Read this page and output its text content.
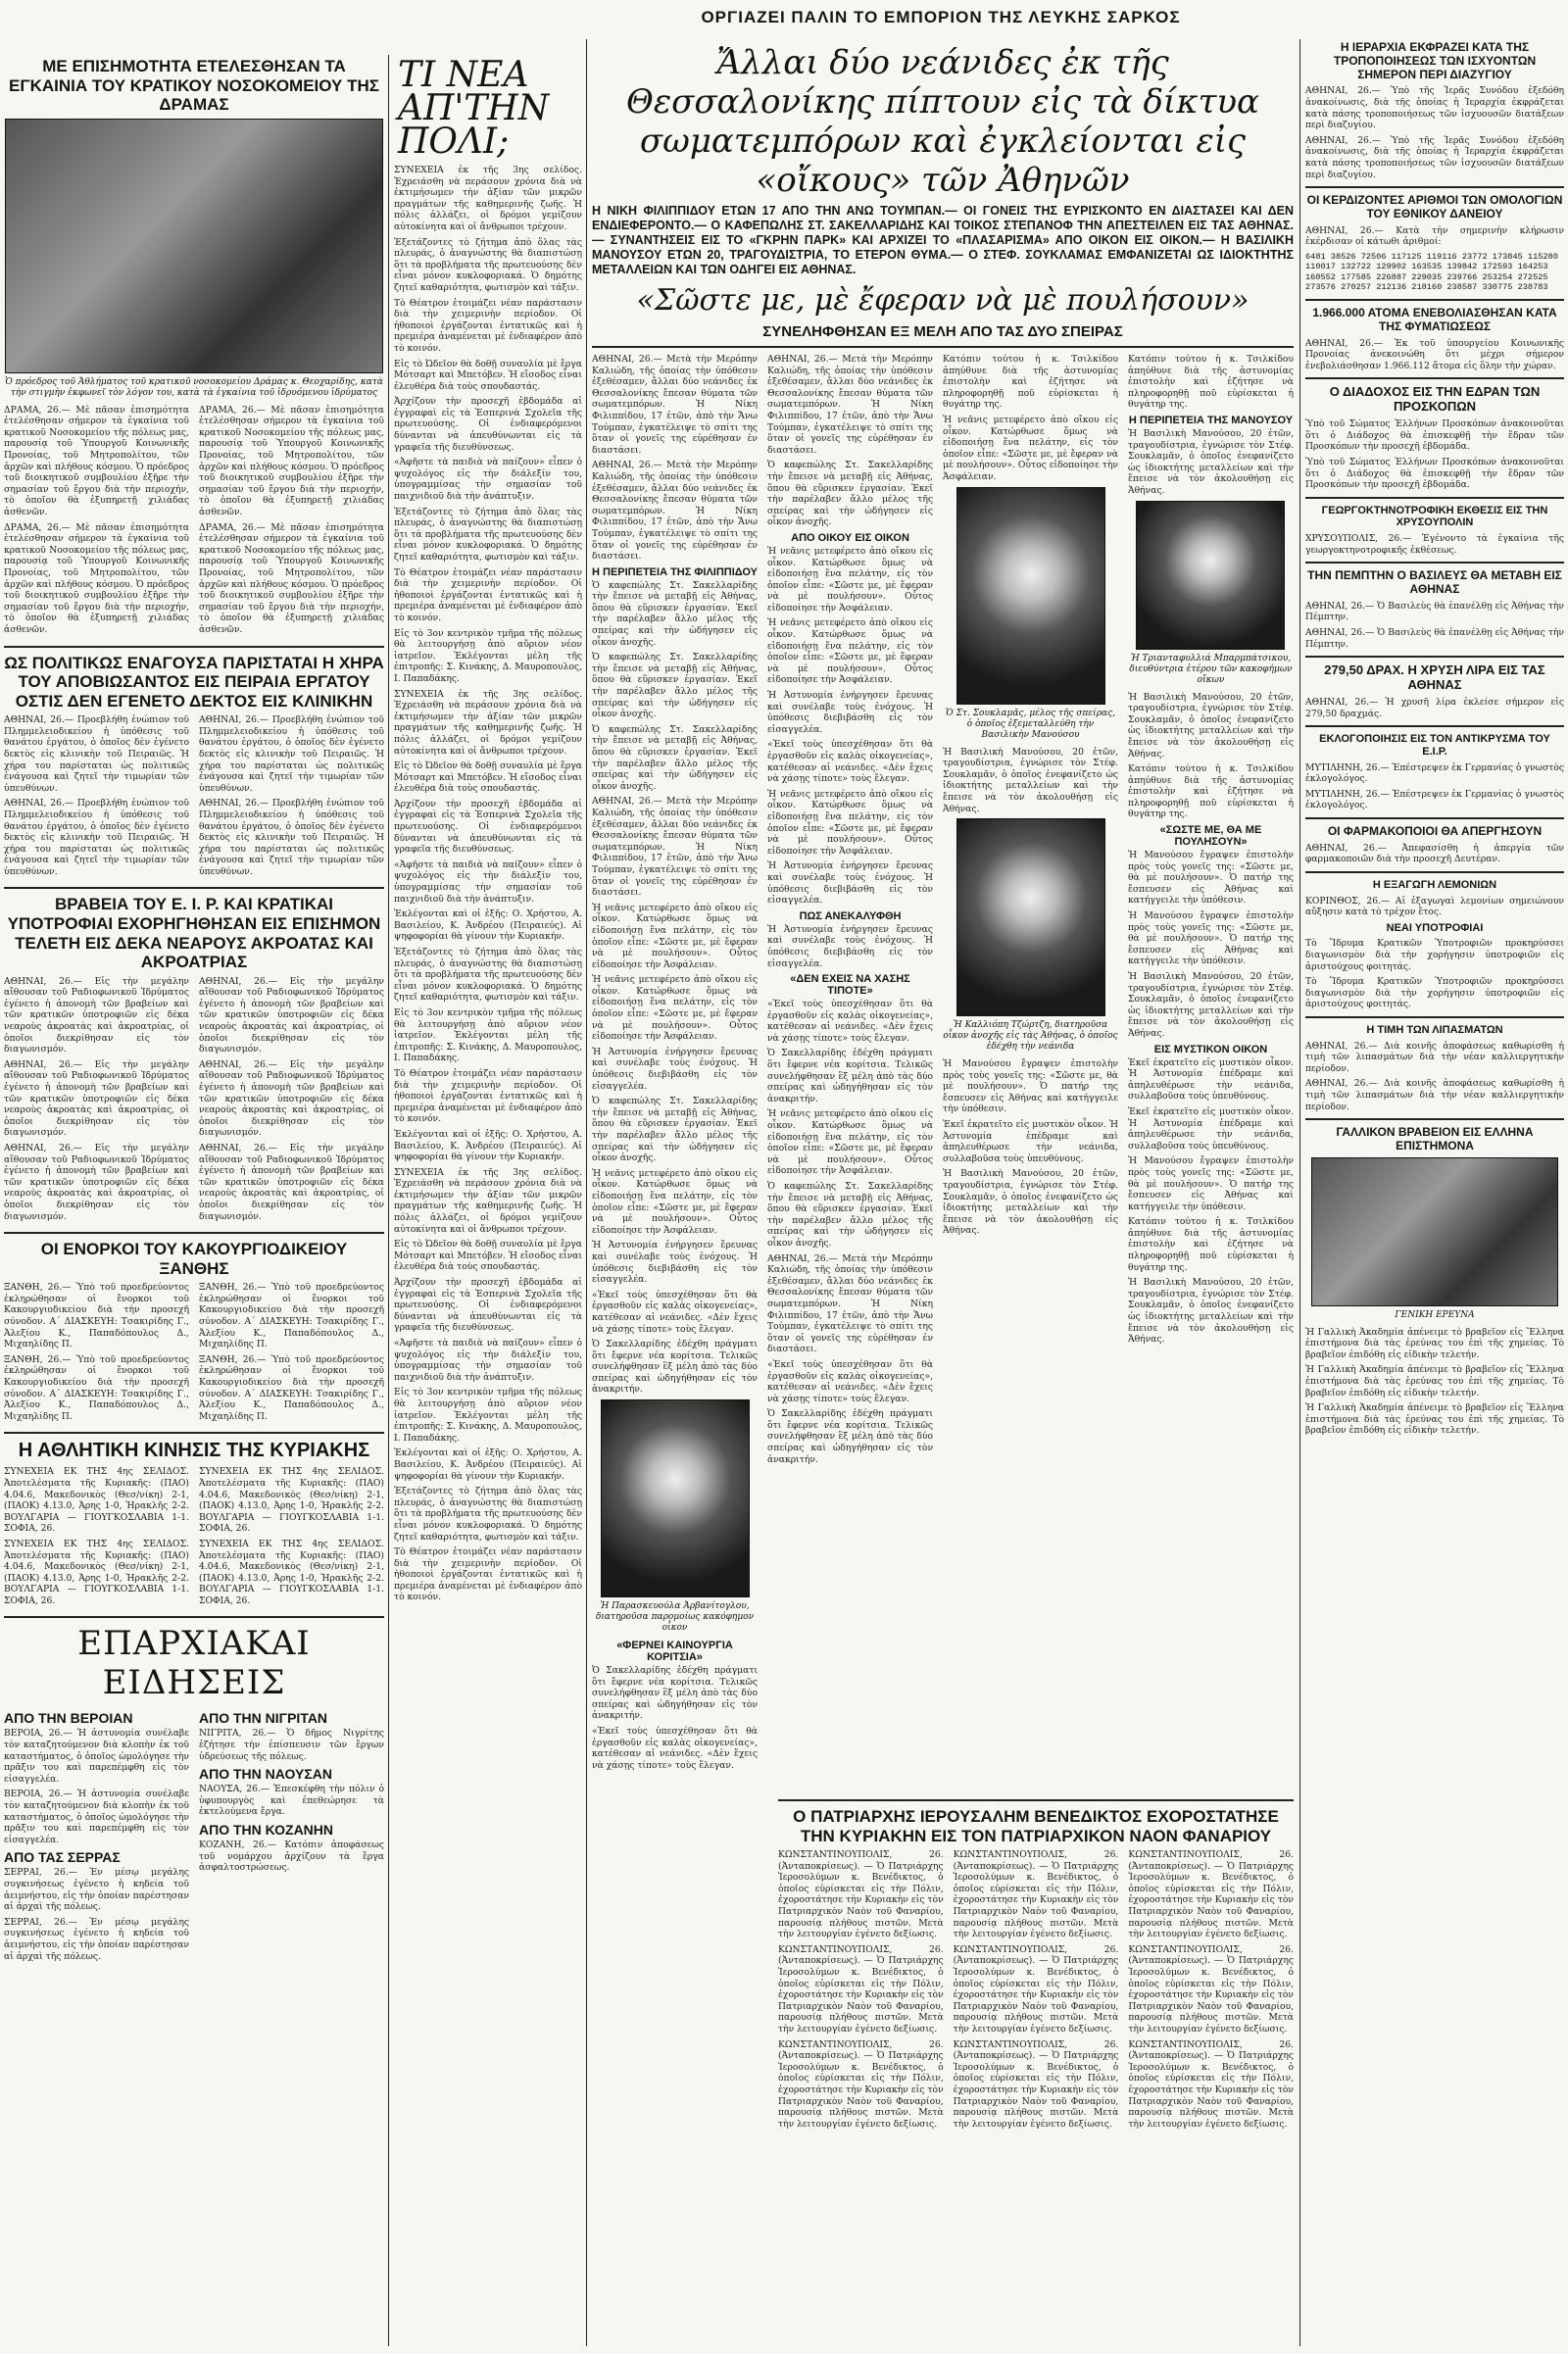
ΟΡΓΙΑΖΕΙ ΠΑΛΙΝ ΤΟ ΕΜΠΟΡΙΟΝ ΤΗΣ ΛΕΥΚΗΣ ΣΑΡΚΟΣ
ΜΕ ΕΠΙΣΗΜΟΤΗΤΑ ΕΤΕΛΕΣΘΗΣΑΝ ΤΑ ΕΓΚΑΙΝΙΑ ΤΟΥ ΚΡΑΤΙΚΟΥ ΝΟΣΟΚΟΜΕΙΟΥ ΤΗΣ ΔΡΑΜΑΣ
Ὁ πρόεδρος τοῦ Ἀθλήματος τοῦ κρατικοῦ νοσοκομείου Δράμας κ. Θεοχαρίδης, κατὰ τὴν στιγμὴν ἐκφωνεῖ τὸν λόγον του, κατὰ τὰ ἐγκαίνια τοῦ ἰδρυόμενου ἱδρύματος

ΔΡΑΜΑ, 26.— Μὲ πᾶσαν ἐπισημότητα ἐτελέσθησαν σήμερον τὰ ἐγκαίνια τοῦ κρατικοῦ Νοσοκομείου τῆς πόλεως μας, παρουσίᾳ τοῦ Ὑπουργοῦ Κοινωνικῆς Προνοίας, τοῦ Μητροπολίτου, τῶν ἀρχῶν καὶ πλήθους κόσμου. Ὁ πρόεδρος τοῦ διοικητικοῦ συμβουλίου ἐξῆρε τὴν σημασίαν τοῦ ἔργου διὰ τὴν περιοχήν, τὸ ὁποῖον θὰ ἐξυπηρετῇ χιλιάδας ἀσθενῶν.

ΔΡΑΜΑ, 26.— Μὲ πᾶσαν ἐπισημότητα ἐτελέσθησαν σήμερον τὰ ἐγκαίνια τοῦ κρατικοῦ Νοσοκομείου τῆς πόλεως μας, παρουσίᾳ τοῦ Ὑπουργοῦ Κοινωνικῆς Προνοίας, τοῦ Μητροπολίτου, τῶν ἀρχῶν καὶ πλήθους κόσμου. Ὁ πρόεδρος τοῦ διοικητικοῦ συμβουλίου ἐξῆρε τὴν σημασίαν τοῦ ἔργου διὰ τὴν περιοχήν, τὸ ὁποῖον θὰ ἐξυπηρετῇ χιλιάδας ἀσθενῶν.

ΔΡΑΜΑ, 26.— Μὲ πᾶσαν ἐπισημότητα ἐτελέσθησαν σήμερον τὰ ἐγκαίνια τοῦ κρατικοῦ Νοσοκομείου τῆς πόλεως μας, παρουσίᾳ τοῦ Ὑπουργοῦ Κοινωνικῆς Προνοίας, τοῦ Μητροπολίτου, τῶν ἀρχῶν καὶ πλήθους κόσμου. Ὁ πρόεδρος τοῦ διοικητικοῦ συμβουλίου ἐξῆρε τὴν σημασίαν τοῦ ἔργου διὰ τὴν περιοχήν, τὸ ὁποῖον θὰ ἐξυπηρετῇ χιλιάδας ἀσθενῶν.

ΔΡΑΜΑ, 26.— Μὲ πᾶσαν ἐπισημότητα ἐτελέσθησαν σήμερον τὰ ἐγκαίνια τοῦ κρατικοῦ Νοσοκομείου τῆς πόλεως μας, παρουσίᾳ τοῦ Ὑπουργοῦ Κοινωνικῆς Προνοίας, τοῦ Μητροπολίτου, τῶν ἀρχῶν καὶ πλήθους κόσμου. Ὁ πρόεδρος τοῦ διοικητικοῦ συμβουλίου ἐξῆρε τὴν σημασίαν τοῦ ἔργου διὰ τὴν περιοχήν, τὸ ὁποῖον θὰ ἐξυπηρετῇ χιλιάδας ἀσθενῶν.

ΩΣ ΠΟΛΙΤΙΚΩΣ ΕΝΑΓΟΥΣΑ ΠΑΡΙΣΤΑΤΑΙ Η ΧΗΡΑ ΤΟΥ ΑΠΟΒΙΩΣΑΝΤΟΣ ΕΙΣ ΠΕΙΡΑΙΑ ΕΡΓΑΤΟΥ ΟΣΤΙΣ ΔΕΝ ΕΓΕΝΕΤΟ ΔΕΚΤΟΣ ΕΙΣ ΚΛΙΝΙΚΗΝ

ΑΘΗΝΑΙ, 26.— Προεβλήθη ἐνώπιον τοῦ Πλημμελειοδικείου ἡ ὑπόθεσις τοῦ θανάτου ἐργάτου, ὁ ὁποῖος δὲν ἐγένετο δεκτὸς εἰς κλινικὴν τοῦ Πειραιῶς. Ἡ χήρα του παρίσταται ὡς πολιτικῶς ἐνάγουσα καὶ ζητεῖ τὴν τιμωρίαν τῶν ὑπευθύνων.

ΑΘΗΝΑΙ, 26.— Προεβλήθη ἐνώπιον τοῦ Πλημμελειοδικείου ἡ ὑπόθεσις τοῦ θανάτου ἐργάτου, ὁ ὁποῖος δὲν ἐγένετο δεκτὸς εἰς κλινικὴν τοῦ Πειραιῶς. Ἡ χήρα του παρίσταται ὡς πολιτικῶς ἐνάγουσα καὶ ζητεῖ τὴν τιμωρίαν τῶν ὑπευθύνων.

ΑΘΗΝΑΙ, 26.— Προεβλήθη ἐνώπιον τοῦ Πλημμελειοδικείου ἡ ὑπόθεσις τοῦ θανάτου ἐργάτου, ὁ ὁποῖος δὲν ἐγένετο δεκτὸς εἰς κλινικὴν τοῦ Πειραιῶς. Ἡ χήρα του παρίσταται ὡς πολιτικῶς ἐνάγουσα καὶ ζητεῖ τὴν τιμωρίαν τῶν ὑπευθύνων.

ΑΘΗΝΑΙ, 26.— Προεβλήθη ἐνώπιον τοῦ Πλημμελειοδικείου ἡ ὑπόθεσις τοῦ θανάτου ἐργάτου, ὁ ὁποῖος δὲν ἐγένετο δεκτὸς εἰς κλινικὴν τοῦ Πειραιῶς. Ἡ χήρα του παρίσταται ὡς πολιτικῶς ἐνάγουσα καὶ ζητεῖ τὴν τιμωρίαν τῶν ὑπευθύνων.

ΒΡΑΒΕΙΑ ΤΟΥ Ε. Ι. Ρ. ΚΑΙ ΚΡΑΤΙΚΑΙ ΥΠΟΤΡΟΦΙΑΙ ΕΧΟΡΗΓΗΘΗΣΑΝ ΕΙΣ ΕΠΙΣΗΜΟΝ ΤΕΛΕΤΗ ΕΙΣ ΔΕΚΑ ΝΕΑΡΟΥΣ ΑΚΡΟΑΤΑΣ ΚΑΙ ΑΚΡΟΑΤΡΙΑΣ

ΑΘΗΝΑΙ, 26.— Εἰς τὴν μεγάλην αἴθουσαν τοῦ Ραδιοφωνικοῦ Ἱδρύματος ἐγένετο ἡ ἀπονομὴ τῶν βραβείων καὶ τῶν κρατικῶν ὑποτροφιῶν εἰς δέκα νεαροὺς ἀκροατὰς καὶ ἀκροατρίας, οἱ ὁποῖοι διεκρίθησαν εἰς τὸν διαγωνισμόν.

ΑΘΗΝΑΙ, 26.— Εἰς τὴν μεγάλην αἴθουσαν τοῦ Ραδιοφωνικοῦ Ἱδρύματος ἐγένετο ἡ ἀπονομὴ τῶν βραβείων καὶ τῶν κρατικῶν ὑποτροφιῶν εἰς δέκα νεαροὺς ἀκροατὰς καὶ ἀκροατρίας, οἱ ὁποῖοι διεκρίθησαν εἰς τὸν διαγωνισμόν.

ΑΘΗΝΑΙ, 26.— Εἰς τὴν μεγάλην αἴθουσαν τοῦ Ραδιοφωνικοῦ Ἱδρύματος ἐγένετο ἡ ἀπονομὴ τῶν βραβείων καὶ τῶν κρατικῶν ὑποτροφιῶν εἰς δέκα νεαροὺς ἀκροατὰς καὶ ἀκροατρίας, οἱ ὁποῖοι διεκρίθησαν εἰς τὸν διαγωνισμόν.

ΑΘΗΝΑΙ, 26.— Εἰς τὴν μεγάλην αἴθουσαν τοῦ Ραδιοφωνικοῦ Ἱδρύματος ἐγένετο ἡ ἀπονομὴ τῶν βραβείων καὶ τῶν κρατικῶν ὑποτροφιῶν εἰς δέκα νεαροὺς ἀκροατὰς καὶ ἀκροατρίας, οἱ ὁποῖοι διεκρίθησαν εἰς τὸν διαγωνισμόν.

ΑΘΗΝΑΙ, 26.— Εἰς τὴν μεγάλην αἴθουσαν τοῦ Ραδιοφωνικοῦ Ἱδρύματος ἐγένετο ἡ ἀπονομὴ τῶν βραβείων καὶ τῶν κρατικῶν ὑποτροφιῶν εἰς δέκα νεαροὺς ἀκροατὰς καὶ ἀκροατρίας, οἱ ὁποῖοι διεκρίθησαν εἰς τὸν διαγωνισμόν.

ΑΘΗΝΑΙ, 26.— Εἰς τὴν μεγάλην αἴθουσαν τοῦ Ραδιοφωνικοῦ Ἱδρύματος ἐγένετο ἡ ἀπονομὴ τῶν βραβείων καὶ τῶν κρατικῶν ὑποτροφιῶν εἰς δέκα νεαροὺς ἀκροατὰς καὶ ἀκροατρίας, οἱ ὁποῖοι διεκρίθησαν εἰς τὸν διαγωνισμόν.

ΟΙ ΕΝΟΡΚΟΙ ΤΟΥ ΚΑΚΟΥΡΓΙΟΔΙΚΕΙΟΥ ΞΑΝΘΗΣ

ΞΑΝΘΗ, 26.— Ὑπὸ τοῦ προεδρεύοντος ἐκληρώθησαν οἱ ἔνορκοι τοῦ Κακουργιοδικείου διὰ τὴν προσεχῆ σύνοδον. Α΄ ΔΙΑΣΚΕΥΗ: Τσακιρίδης Γ., Ἀλεξίου Κ., Παπαδόπουλος Δ., Μιχαηλίδης Π.

ΞΑΝΘΗ, 26.— Ὑπὸ τοῦ προεδρεύοντος ἐκληρώθησαν οἱ ἔνορκοι τοῦ Κακουργιοδικείου διὰ τὴν προσεχῆ σύνοδον. Α΄ ΔΙΑΣΚΕΥΗ: Τσακιρίδης Γ., Ἀλεξίου Κ., Παπαδόπουλος Δ., Μιχαηλίδης Π.

ΞΑΝΘΗ, 26.— Ὑπὸ τοῦ προεδρεύοντος ἐκληρώθησαν οἱ ἔνορκοι τοῦ Κακουργιοδικείου διὰ τὴν προσεχῆ σύνοδον. Α΄ ΔΙΑΣΚΕΥΗ: Τσακιρίδης Γ., Ἀλεξίου Κ., Παπαδόπουλος Δ., Μιχαηλίδης Π.

ΞΑΝΘΗ, 26.— Ὑπὸ τοῦ προεδρεύοντος ἐκληρώθησαν οἱ ἔνορκοι τοῦ Κακουργιοδικείου διὰ τὴν προσεχῆ σύνοδον. Α΄ ΔΙΑΣΚΕΥΗ: Τσακιρίδης Γ., Ἀλεξίου Κ., Παπαδόπουλος Δ., Μιχαηλίδης Π.

Η ΑΘΛΗΤΙΚΗ ΚΙΝΗΣΙΣ ΤΗΣ ΚΥΡΙΑΚΗΣ

ΣΥΝΕΧΕΙΑ ΕΚ ΤΗΣ 4ης ΣΕΛΙΔΟΣ. Ἀποτελέσματα τῆς Κυριακῆς: (ΠΑΟ) 4.04.6, Μακεδονικὸς (Θεσ/νίκη) 2-1, (ΠΑΟΚ) 4.13.0, Ἀρης 1-0, Ἡρακλῆς 2-2. ΒΟΥΛΓΑΡΙΑ — ΓΙΟΥΓΚΟΣΛΑΒΙΑ 1-1. ΣΟΦΙΑ, 26.

ΣΥΝΕΧΕΙΑ ΕΚ ΤΗΣ 4ης ΣΕΛΙΔΟΣ. Ἀποτελέσματα τῆς Κυριακῆς: (ΠΑΟ) 4.04.6, Μακεδονικὸς (Θεσ/νίκη) 2-1, (ΠΑΟΚ) 4.13.0, Ἀρης 1-0, Ἡρακλῆς 2-2. ΒΟΥΛΓΑΡΙΑ — ΓΙΟΥΓΚΟΣΛΑΒΙΑ 1-1. ΣΟΦΙΑ, 26.

ΣΥΝΕΧΕΙΑ ΕΚ ΤΗΣ 4ης ΣΕΛΙΔΟΣ. Ἀποτελέσματα τῆς Κυριακῆς: (ΠΑΟ) 4.04.6, Μακεδονικὸς (Θεσ/νίκη) 2-1, (ΠΑΟΚ) 4.13.0, Ἀρης 1-0, Ἡρακλῆς 2-2. ΒΟΥΛΓΑΡΙΑ — ΓΙΟΥΓΚΟΣΛΑΒΙΑ 1-1. ΣΟΦΙΑ, 26.

ΣΥΝΕΧΕΙΑ ΕΚ ΤΗΣ 4ης ΣΕΛΙΔΟΣ. Ἀποτελέσματα τῆς Κυριακῆς: (ΠΑΟ) 4.04.6, Μακεδονικὸς (Θεσ/νίκη) 2-1, (ΠΑΟΚ) 4.13.0, Ἀρης 1-0, Ἡρακλῆς 2-2. ΒΟΥΛΓΑΡΙΑ — ΓΙΟΥΓΚΟΣΛΑΒΙΑ 1-1. ΣΟΦΙΑ, 26.

ΕΠΑΡΧΙΑΚΑΙ ΕΙΔΗΣΕΙΣ
ΑΠΟ ΤΗΝ ΒΕΡΟΙΑΝ

ΒΕΡΟΙΑ, 26.— Ἡ ἀστυνομία συνέλαβε τὸν καταζητούμενον διὰ κλοπὴν ἐκ τοῦ καταστήματος, ὁ ὁποῖος ὡμολόγησε τὴν πρᾶξιν του καὶ παρεπέμφθη εἰς τὸν εἰσαγγελέα.

ΒΕΡΟΙΑ, 26.— Ἡ ἀστυνομία συνέλαβε τὸν καταζητούμενον διὰ κλοπὴν ἐκ τοῦ καταστήματος, ὁ ὁποῖος ὡμολόγησε τὴν πρᾶξιν του καὶ παρεπέμφθη εἰς τὸν εἰσαγγελέα.

ΑΠΟ ΤΑΣ ΣΕΡΡΑΣ

ΣΕΡΡΑΙ, 26.— Ἐν μέσῳ μεγάλης συγκινήσεως ἐγένετο ἡ κηδεία τοῦ ἀειμνήστου, εἰς τὴν ὁποίαν παρέστησαν αἱ ἀρχαὶ τῆς πόλεως.

ΣΕΡΡΑΙ, 26.— Ἐν μέσῳ μεγάλης συγκινήσεως ἐγένετο ἡ κηδεία τοῦ ἀειμνήστου, εἰς τὴν ὁποίαν παρέστησαν αἱ ἀρχαὶ τῆς πόλεως.

ΑΠΟ ΤΗΝ ΝΙΓΡΙΤΑΝ

ΝΙΓΡΙΤΑ, 26.— Ὁ δῆμος Νιγρίτης ἐζήτησε τὴν ἐπίσπευσιν τῶν ἔργων ὑδρεύσεως τῆς πόλεως.

ΑΠΟ ΤΗΝ ΝΑΟΥΣΑΝ

ΝΑΟΥΣΑ, 26.— Ἐπεσκέφθη τὴν πόλιν ὁ ὑφυπουργὸς καὶ ἐπεθεώρησε τὰ ἐκτελούμενα ἔργα.

ΑΠΟ ΤΗΝ ΚΟΖΑΝΗΝ

ΚΟΖΑΝΗ, 26.— Κατόπιν ἀποφάσεως τοῦ νομάρχου ἀρχίζουν τὰ ἔργα ἀσφαλτοστρώσεως.

ΤΙ ΝΕΑ ΑΠ'ΤΗΝ ΠΟΛΙ;

ΣΥΝΕΧΕΙΑ ἐκ τῆς 3ης σελίδος. Ἐχρειάσθη νὰ περάσουν χρόνια διὰ νὰ ἐκτιμήσωμεν τὴν ἀξίαν τῶν μικρῶν πραγμάτων τῆς καθημερινῆς ζωῆς. Ἡ πόλις ἀλλάζει, οἱ δρόμοι γεμίζουν αὐτοκίνητα καὶ οἱ ἄνθρωποι τρέχουν.

Ἐξετάζοντες τὸ ζήτημα ἀπὸ ὅλας τὰς πλευράς, ὁ ἀναγνώστης θὰ διαπιστώσῃ ὅτι τὰ προβλήματα τῆς πρωτευούσης δὲν εἶναι μόνον κυκλοφοριακά. Ὁ δημότης ζητεῖ καθαριότητα, φωτισμὸν καὶ τάξιν.

Τὸ Θέατρον ἑτοιμάζει νέαν παράστασιν διὰ τὴν χειμερινὴν περίοδον. Οἱ ἠθοποιοὶ ἐργάζονται ἐντατικῶς καὶ ἡ πρεμιέρα ἀναμένεται μὲ ἐνδιαφέρον ἀπὸ τὸ κοινόν.

Εἰς τὸ Ὠδεῖον θὰ δοθῇ συναυλία μὲ ἔργα Μότσαρτ καὶ Μπετόβεν. Ἡ εἴσοδος εἶναι ἐλευθέρα διὰ τοὺς σπουδαστάς.

Ἀρχίζουν τὴν προσεχῆ ἑβδομάδα αἱ ἐγγραφαὶ εἰς τὰ Ἑσπερινὰ Σχολεῖα τῆς πρωτευούσης. Οἱ ἐνδιαφερόμενοι δύνανται νὰ ἀπευθύνωνται εἰς τὰ γραφεῖα τῆς διευθύνσεως.

«Ἀφῆστε τὰ παιδιὰ νὰ παίζουν» εἶπεν ὁ ψυχολόγος εἰς τὴν διάλεξίν του, ὑπογραμμίσας τὴν σημασίαν τοῦ παιχνιδιοῦ διὰ τὴν ἀνάπτυξιν.

Ἐξετάζοντες τὸ ζήτημα ἀπὸ ὅλας τὰς πλευράς, ὁ ἀναγνώστης θὰ διαπιστώσῃ ὅτι τὰ προβλήματα τῆς πρωτευούσης δὲν εἶναι μόνον κυκλοφοριακά. Ὁ δημότης ζητεῖ καθαριότητα, φωτισμὸν καὶ τάξιν.

Τὸ Θέατρον ἑτοιμάζει νέαν παράστασιν διὰ τὴν χειμερινὴν περίοδον. Οἱ ἠθοποιοὶ ἐργάζονται ἐντατικῶς καὶ ἡ πρεμιέρα ἀναμένεται μὲ ἐνδιαφέρον ἀπὸ τὸ κοινόν.

Εἰς τὸ 3ον κεντρικὸν τμῆμα τῆς πόλεως θὰ λειτουργήσῃ ἀπὸ αὔριον νέον ἰατρεῖον. Ἐκλέγονται μέλη τῆς ἐπιτροπῆς: Σ. Κινάκης, Δ. Μαυροπουλος, Ι. Παπαδάκης.

ΣΥΝΕΧΕΙΑ ἐκ τῆς 3ης σελίδος. Ἐχρειάσθη νὰ περάσουν χρόνια διὰ νὰ ἐκτιμήσωμεν τὴν ἀξίαν τῶν μικρῶν πραγμάτων τῆς καθημερινῆς ζωῆς. Ἡ πόλις ἀλλάζει, οἱ δρόμοι γεμίζουν αὐτοκίνητα καὶ οἱ ἄνθρωποι τρέχουν.

Εἰς τὸ Ὠδεῖον θὰ δοθῇ συναυλία μὲ ἔργα Μότσαρτ καὶ Μπετόβεν. Ἡ εἴσοδος εἶναι ἐλευθέρα διὰ τοὺς σπουδαστάς.

Ἀρχίζουν τὴν προσεχῆ ἑβδομάδα αἱ ἐγγραφαὶ εἰς τὰ Ἑσπερινὰ Σχολεῖα τῆς πρωτευούσης. Οἱ ἐνδιαφερόμενοι δύνανται νὰ ἀπευθύνωνται εἰς τὰ γραφεῖα τῆς διευθύνσεως.

«Ἀφῆστε τὰ παιδιὰ νὰ παίζουν» εἶπεν ὁ ψυχολόγος εἰς τὴν διάλεξίν του, ὑπογραμμίσας τὴν σημασίαν τοῦ παιχνιδιοῦ διὰ τὴν ἀνάπτυξιν.

Ἐκλέγονται καὶ οἱ ἑξῆς: Ο. Χρήστου, Α. Βασιλείου, Κ. Ἀνδρέου (Πειραιεύς). Αἱ ψηφοφορίαι θὰ γίνουν τὴν Κυριακήν.

Ἐξετάζοντες τὸ ζήτημα ἀπὸ ὅλας τὰς πλευράς, ὁ ἀναγνώστης θὰ διαπιστώσῃ ὅτι τὰ προβλήματα τῆς πρωτευούσης δὲν εἶναι μόνον κυκλοφοριακά. Ὁ δημότης ζητεῖ καθαριότητα, φωτισμὸν καὶ τάξιν.

Εἰς τὸ 3ον κεντρικὸν τμῆμα τῆς πόλεως θὰ λειτουργήσῃ ἀπὸ αὔριον νέον ἰατρεῖον. Ἐκλέγονται μέλη τῆς ἐπιτροπῆς: Σ. Κινάκης, Δ. Μαυροπουλος, Ι. Παπαδάκης.

Τὸ Θέατρον ἑτοιμάζει νέαν παράστασιν διὰ τὴν χειμερινὴν περίοδον. Οἱ ἠθοποιοὶ ἐργάζονται ἐντατικῶς καὶ ἡ πρεμιέρα ἀναμένεται μὲ ἐνδιαφέρον ἀπὸ τὸ κοινόν.

Ἐκλέγονται καὶ οἱ ἑξῆς: Ο. Χρήστου, Α. Βασιλείου, Κ. Ἀνδρέου (Πειραιεύς). Αἱ ψηφοφορίαι θὰ γίνουν τὴν Κυριακήν.

ΣΥΝΕΧΕΙΑ ἐκ τῆς 3ης σελίδος. Ἐχρειάσθη νὰ περάσουν χρόνια διὰ νὰ ἐκτιμήσωμεν τὴν ἀξίαν τῶν μικρῶν πραγμάτων τῆς καθημερινῆς ζωῆς. Ἡ πόλις ἀλλάζει, οἱ δρόμοι γεμίζουν αὐτοκίνητα καὶ οἱ ἄνθρωποι τρέχουν.

Εἰς τὸ Ὠδεῖον θὰ δοθῇ συναυλία μὲ ἔργα Μότσαρτ καὶ Μπετόβεν. Ἡ εἴσοδος εἶναι ἐλευθέρα διὰ τοὺς σπουδαστάς.

Ἀρχίζουν τὴν προσεχῆ ἑβδομάδα αἱ ἐγγραφαὶ εἰς τὰ Ἑσπερινὰ Σχολεῖα τῆς πρωτευούσης. Οἱ ἐνδιαφερόμενοι δύνανται νὰ ἀπευθύνωνται εἰς τὰ γραφεῖα τῆς διευθύνσεως.

«Ἀφῆστε τὰ παιδιὰ νὰ παίζουν» εἶπεν ὁ ψυχολόγος εἰς τὴν διάλεξίν του, ὑπογραμμίσας τὴν σημασίαν τοῦ παιχνιδιοῦ διὰ τὴν ἀνάπτυξιν.

Εἰς τὸ 3ον κεντρικὸν τμῆμα τῆς πόλεως θὰ λειτουργήσῃ ἀπὸ αὔριον νέον ἰατρεῖον. Ἐκλέγονται μέλη τῆς ἐπιτροπῆς: Σ. Κινάκης, Δ. Μαυροπουλος, Ι. Παπαδάκης.

Ἐκλέγονται καὶ οἱ ἑξῆς: Ο. Χρήστου, Α. Βασιλείου, Κ. Ἀνδρέου (Πειραιεύς). Αἱ ψηφοφορίαι θὰ γίνουν τὴν Κυριακήν.

Ἐξετάζοντες τὸ ζήτημα ἀπὸ ὅλας τὰς πλευράς, ὁ ἀναγνώστης θὰ διαπιστώσῃ ὅτι τὰ προβλήματα τῆς πρωτευούσης δὲν εἶναι μόνον κυκλοφοριακά. Ὁ δημότης ζητεῖ καθαριότητα, φωτισμὸν καὶ τάξιν.

Τὸ Θέατρον ἑτοιμάζει νέαν παράστασιν διὰ τὴν χειμερινὴν περίοδον. Οἱ ἠθοποιοὶ ἐργάζονται ἐντατικῶς καὶ ἡ πρεμιέρα ἀναμένεται μὲ ἐνδιαφέρον ἀπὸ τὸ κοινόν.

Ἄλλαι δύο νεάνιδες ἐκ τῆς Θεσσαλονίκης πίπτουν εἰς τὰ δίκτυα σωματεμπόρων καὶ ἐγκλείονται εἰς «οἴκους» τῶν Ἀθηνῶν
Η ΝΙΚΗ ΦΙΛΙΠΠΙΔΟΥ ΕΤΩΝ 17 ΑΠΟ ΤΗΝ ΑΝΩ ΤΟΥΜΠΑΝ.— ΟΙ ΓΟΝΕΙΣ ΤΗΣ ΕΥΡΙΣΚΟΝΤΟ ΕΝ ΔΙΑΣΤΑΣΕΙ ΚΑΙ ΔΕΝ ΕΝΔΙΕΦΕΡΟΝΤΟ.— Ο ΚΑΦΕΠΩΛΗΣ ΣΤ. ΣΑΚΕΛΛΑΡΙΔΗΣ ΚΑΙ ΤΟΙΚΟΣ ΣΤΕΠΑΝΟΦ ΤΗΝ ΑΠΕΣΤΕΙΛΕΝ ΕΙΣ ΤΑΣ ΑΘΗΝΑΣ.— ΣΥΝΑΝΤΗΣΕΙΣ ΕΙΣ ΤΟ «ΓΚΡΗΝ ΠΑΡΚ» ΚΑΙ ΑΡΧΙΖΕΙ ΤΟ «ΠΛΑΣΑΡΙΣΜΑ» ΑΠΟ ΟΙΚΟΝ ΕΙΣ ΟΙΚΟΝ.— Η ΒΑΣΙΛΙΚΗ ΜΑΝΟΥΣΟΥ ΕΤΩΝ 20, ΤΡΑΓΟΥΔΙΣΤΡΙΑ, ΤΟ ΕΤΕΡΟΝ ΘΥΜΑ.— Ο ΣΤΕΦ. ΣΟΥΚΛΑΜΑΣ ΕΜΦΑΝΙΖΕΤΑΙ ΩΣ ΙΔΙΟΚΤΗΤΗΣ ΜΕΤΑΛΛΕΙΩΝ ΚΑΙ ΤΩΝ ΟΔΗΓΕΙ ΕΙΣ ΑΘΗΝΑΣ.
«Σῶστε με, μὲ ἔφεραν νὰ μὲ πουλήσουν»
ΣΥΝΕΛΗΦΘΗΣΑΝ ΕΞ ΜΕΛΗ ΑΠΟ ΤΑΣ ΔΥΟ ΣΠΕΙΡΑΣ

ΑΘΗΝΑΙ, 26.— Μετὰ τὴν Μερόπην Καλιώδη, τῆς ὁποίας τὴν ὑπόθεσιν ἐξεθέσαμεν, ἄλλαι δύο νεάνιδες ἐκ Θεσσαλονίκης ἔπεσαν θύματα τῶν σωματεμπόρων. Ἡ Νίκη Φιλιππίδου, 17 ἐτῶν, ἀπὸ τὴν Ἄνω Τούμπαν, ἐγκατέλειψε τὸ σπίτι της ὅταν οἱ γονεῖς της εὑρέθησαν ἐν διαστάσει.

ΑΘΗΝΑΙ, 26.— Μετὰ τὴν Μερόπην Καλιώδη, τῆς ὁποίας τὴν ὑπόθεσιν ἐξεθέσαμεν, ἄλλαι δύο νεάνιδες ἐκ Θεσσαλονίκης ἔπεσαν θύματα τῶν σωματεμπόρων. Ἡ Νίκη Φιλιππίδου, 17 ἐτῶν, ἀπὸ τὴν Ἄνω Τούμπαν, ἐγκατέλειψε τὸ σπίτι της ὅταν οἱ γονεῖς της εὑρέθησαν ἐν διαστάσει.

Η ΠΕΡΙΠΕΤΕΙΑ ΤΗΣ ΦΙΛΙΠΠΙΔΟΥ

Ὁ καφεπώλης Στ. Σακελλαρίδης τὴν ἔπεισε νὰ μεταβῇ εἰς Ἀθήνας, ὅπου θὰ εὕρισκεν ἐργασίαν. Ἐκεῖ τὴν παρέλαβεν ἄλλο μέλος τῆς σπείρας καὶ τὴν ὡδήγησεν εἰς οἶκον ἀνοχῆς.

Ὁ καφεπώλης Στ. Σακελλαρίδης τὴν ἔπεισε νὰ μεταβῇ εἰς Ἀθήνας, ὅπου θὰ εὕρισκεν ἐργασίαν. Ἐκεῖ τὴν παρέλαβεν ἄλλο μέλος τῆς σπείρας καὶ τὴν ὡδήγησεν εἰς οἶκον ἀνοχῆς.

Ὁ καφεπώλης Στ. Σακελλαρίδης τὴν ἔπεισε νὰ μεταβῇ εἰς Ἀθήνας, ὅπου θὰ εὕρισκεν ἐργασίαν. Ἐκεῖ τὴν παρέλαβεν ἄλλο μέλος τῆς σπείρας καὶ τὴν ὡδήγησεν εἰς οἶκον ἀνοχῆς.

ΑΘΗΝΑΙ, 26.— Μετὰ τὴν Μερόπην Καλιώδη, τῆς ὁποίας τὴν ὑπόθεσιν ἐξεθέσαμεν, ἄλλαι δύο νεάνιδες ἐκ Θεσσαλονίκης ἔπεσαν θύματα τῶν σωματεμπόρων. Ἡ Νίκη Φιλιππίδου, 17 ἐτῶν, ἀπὸ τὴν Ἄνω Τούμπαν, ἐγκατέλειψε τὸ σπίτι της ὅταν οἱ γονεῖς της εὑρέθησαν ἐν διαστάσει.

Ἡ νεᾶνις μετεφέρετο ἀπὸ οἴκου εἰς οἶκον. Κατώρθωσε ὅμως νὰ εἰδοποιήσῃ ἕνα πελάτην, εἰς τὸν ὁποῖον εἶπε: «Σῶστε με, μὲ ἔφεραν νὰ μὲ πουλήσουν». Οὗτος εἰδοποίησε τὴν Ἀσφάλειαν.

Ἡ νεᾶνις μετεφέρετο ἀπὸ οἴκου εἰς οἶκον. Κατώρθωσε ὅμως νὰ εἰδοποιήσῃ ἕνα πελάτην, εἰς τὸν ὁποῖον εἶπε: «Σῶστε με, μὲ ἔφεραν νὰ μὲ πουλήσουν». Οὗτος εἰδοποίησε τὴν Ἀσφάλειαν.

Ἡ Ἀστυνομία ἐνήργησεν ἔρευνας καὶ συνέλαβε τοὺς ἐνόχους. Ἡ ὑπόθεσις διεβιβάσθη εἰς τὸν εἰσαγγελέα.

Ὁ καφεπώλης Στ. Σακελλαρίδης τὴν ἔπεισε νὰ μεταβῇ εἰς Ἀθήνας, ὅπου θὰ εὕρισκεν ἐργασίαν. Ἐκεῖ τὴν παρέλαβεν ἄλλο μέλος τῆς σπείρας καὶ τὴν ὡδήγησεν εἰς οἶκον ἀνοχῆς.

Ἡ νεᾶνις μετεφέρετο ἀπὸ οἴκου εἰς οἶκον. Κατώρθωσε ὅμως νὰ εἰδοποιήσῃ ἕνα πελάτην, εἰς τὸν ὁποῖον εἶπε: «Σῶστε με, μὲ ἔφεραν νὰ μὲ πουλήσουν». Οὗτος εἰδοποίησε τὴν Ἀσφάλειαν.

Ἡ Ἀστυνομία ἐνήργησεν ἔρευνας καὶ συνέλαβε τοὺς ἐνόχους. Ἡ ὑπόθεσις διεβιβάσθη εἰς τὸν εἰσαγγελέα.

«Ἐκεῖ τοὺς ὑπεσχέθησαν ὅτι θὰ ἐργασθοῦν εἰς καλὰς οἰκογενείας», κατέθεσαν αἱ νεάνιδες. «Δὲν ἔχεις νὰ χάσῃς τίποτε» τοὺς ἔλεγαν.

Ὁ Σακελλαρίδης ἐδέχθη πράγματι ὅτι ἔφερνε νέα κορίτσια. Τελικῶς συνελήφθησαν ἓξ μέλη ἀπὸ τὰς δύο σπείρας καὶ ὡδηγήθησαν εἰς τὸν ἀνακριτήν.

Ἡ Παρασκευούλα Ἀρβανίτογλου, διατηροῦσα παρομοίως κακόφημον οἶκον
«ΦΕΡΝΕΙ ΚΑΙΝΟΥΡΓΙΑ ΚΟΡΙΤΣΙΑ»

Ὁ Σακελλαρίδης ἐδέχθη πράγματι ὅτι ἔφερνε νέα κορίτσια. Τελικῶς συνελήφθησαν ἓξ μέλη ἀπὸ τὰς δύο σπείρας καὶ ὡδηγήθησαν εἰς τὸν ἀνακριτήν.

«Ἐκεῖ τοὺς ὑπεσχέθησαν ὅτι θὰ ἐργασθοῦν εἰς καλὰς οἰκογενείας», κατέθεσαν αἱ νεάνιδες. «Δὲν ἔχεις νὰ χάσῃς τίποτε» τοὺς ἔλεγαν.

ΑΘΗΝΑΙ, 26.— Μετὰ τὴν Μερόπην Καλιώδη, τῆς ὁποίας τὴν ὑπόθεσιν ἐξεθέσαμεν, ἄλλαι δύο νεάνιδες ἐκ Θεσσαλονίκης ἔπεσαν θύματα τῶν σωματεμπόρων. Ἡ Νίκη Φιλιππίδου, 17 ἐτῶν, ἀπὸ τὴν Ἄνω Τούμπαν, ἐγκατέλειψε τὸ σπίτι της ὅταν οἱ γονεῖς της εὑρέθησαν ἐν διαστάσει.

Ὁ καφεπώλης Στ. Σακελλαρίδης τὴν ἔπεισε νὰ μεταβῇ εἰς Ἀθήνας, ὅπου θὰ εὕρισκεν ἐργασίαν. Ἐκεῖ τὴν παρέλαβεν ἄλλο μέλος τῆς σπείρας καὶ τὴν ὡδήγησεν εἰς οἶκον ἀνοχῆς.

ΑΠΟ ΟΙΚΟΥ ΕΙΣ ΟΙΚΟΝ

Ἡ νεᾶνις μετεφέρετο ἀπὸ οἴκου εἰς οἶκον. Κατώρθωσε ὅμως νὰ εἰδοποιήσῃ ἕνα πελάτην, εἰς τὸν ὁποῖον εἶπε: «Σῶστε με, μὲ ἔφεραν νὰ μὲ πουλήσουν». Οὗτος εἰδοποίησε τὴν Ἀσφάλειαν.

Ἡ νεᾶνις μετεφέρετο ἀπὸ οἴκου εἰς οἶκον. Κατώρθωσε ὅμως νὰ εἰδοποιήσῃ ἕνα πελάτην, εἰς τὸν ὁποῖον εἶπε: «Σῶστε με, μὲ ἔφεραν νὰ μὲ πουλήσουν». Οὗτος εἰδοποίησε τὴν Ἀσφάλειαν.

Ἡ Ἀστυνομία ἐνήργησεν ἔρευνας καὶ συνέλαβε τοὺς ἐνόχους. Ἡ ὑπόθεσις διεβιβάσθη εἰς τὸν εἰσαγγελέα.

«Ἐκεῖ τοὺς ὑπεσχέθησαν ὅτι θὰ ἐργασθοῦν εἰς καλὰς οἰκογενείας», κατέθεσαν αἱ νεάνιδες. «Δὲν ἔχεις νὰ χάσῃς τίποτε» τοὺς ἔλεγαν.

Ἡ νεᾶνις μετεφέρετο ἀπὸ οἴκου εἰς οἶκον. Κατώρθωσε ὅμως νὰ εἰδοποιήσῃ ἕνα πελάτην, εἰς τὸν ὁποῖον εἶπε: «Σῶστε με, μὲ ἔφεραν νὰ μὲ πουλήσουν». Οὗτος εἰδοποίησε τὴν Ἀσφάλειαν.

Ἡ Ἀστυνομία ἐνήργησεν ἔρευνας καὶ συνέλαβε τοὺς ἐνόχους. Ἡ ὑπόθεσις διεβιβάσθη εἰς τὸν εἰσαγγελέα.

ΠΩΣ ΑΝΕΚΑΛΥΦΘΗ

Ἡ Ἀστυνομία ἐνήργησεν ἔρευνας καὶ συνέλαβε τοὺς ἐνόχους. Ἡ ὑπόθεσις διεβιβάσθη εἰς τὸν εἰσαγγελέα.

«ΔΕΝ ΕΧΕΙΣ ΝΑ ΧΑΣΗΣ ΤΙΠΟΤΕ»

«Ἐκεῖ τοὺς ὑπεσχέθησαν ὅτι θὰ ἐργασθοῦν εἰς καλὰς οἰκογενείας», κατέθεσαν αἱ νεάνιδες. «Δὲν ἔχεις νὰ χάσῃς τίποτε» τοὺς ἔλεγαν.

Ὁ Σακελλαρίδης ἐδέχθη πράγματι ὅτι ἔφερνε νέα κορίτσια. Τελικῶς συνελήφθησαν ἓξ μέλη ἀπὸ τὰς δύο σπείρας καὶ ὡδηγήθησαν εἰς τὸν ἀνακριτήν.

Ἡ νεᾶνις μετεφέρετο ἀπὸ οἴκου εἰς οἶκον. Κατώρθωσε ὅμως νὰ εἰδοποιήσῃ ἕνα πελάτην, εἰς τὸν ὁποῖον εἶπε: «Σῶστε με, μὲ ἔφεραν νὰ μὲ πουλήσουν». Οὗτος εἰδοποίησε τὴν Ἀσφάλειαν.

Ὁ καφεπώλης Στ. Σακελλαρίδης τὴν ἔπεισε νὰ μεταβῇ εἰς Ἀθήνας, ὅπου θὰ εὕρισκεν ἐργασίαν. Ἐκεῖ τὴν παρέλαβεν ἄλλο μέλος τῆς σπείρας καὶ τὴν ὡδήγησεν εἰς οἶκον ἀνοχῆς.

ΑΘΗΝΑΙ, 26.— Μετὰ τὴν Μερόπην Καλιώδη, τῆς ὁποίας τὴν ὑπόθεσιν ἐξεθέσαμεν, ἄλλαι δύο νεάνιδες ἐκ Θεσσαλονίκης ἔπεσαν θύματα τῶν σωματεμπόρων. Ἡ Νίκη Φιλιππίδου, 17 ἐτῶν, ἀπὸ τὴν Ἄνω Τούμπαν, ἐγκατέλειψε τὸ σπίτι της ὅταν οἱ γονεῖς της εὑρέθησαν ἐν διαστάσει.

«Ἐκεῖ τοὺς ὑπεσχέθησαν ὅτι θὰ ἐργασθοῦν εἰς καλὰς οἰκογενείας», κατέθεσαν αἱ νεάνιδες. «Δὲν ἔχεις νὰ χάσῃς τίποτε» τοὺς ἔλεγαν.

Ὁ Σακελλαρίδης ἐδέχθη πράγματι ὅτι ἔφερνε νέα κορίτσια. Τελικῶς συνελήφθησαν ἓξ μέλη ἀπὸ τὰς δύο σπείρας καὶ ὡδηγήθησαν εἰς τὸν ἀνακριτήν.

Κατόπιν τούτου ἡ κ. Τσιλκίδου ἀπηύθυνε διὰ τῆς ἀστυνομίας ἐπιστολὴν καὶ ἐζήτησε νὰ πληροφορηθῇ ποῦ εὑρίσκεται ἡ θυγάτηρ της.

Ἡ νεᾶνις μετεφέρετο ἀπὸ οἴκου εἰς οἶκον. Κατώρθωσε ὅμως νὰ εἰδοποιήσῃ ἕνα πελάτην, εἰς τὸν ὁποῖον εἶπε: «Σῶστε με, μὲ ἔφεραν νὰ μὲ πουλήσουν». Οὗτος εἰδοποίησε τὴν Ἀσφάλειαν.

Ὁ Στ. Σουκλαμᾶς, μέλος τῆς σπείρας, ὁ ὁποῖος ἐξεμεταλλεύθη τὴν Βασιλικὴν Μανούσου

Ἡ Βασιλικὴ Μανούσου, 20 ἐτῶν, τραγουδίστρια, ἐγνώρισε τὸν Στέφ. Σουκλαμᾶν, ὁ ὁποῖος ἐνεφανίζετο ὡς ἰδιοκτήτης μεταλλείων καὶ τὴν ἔπεισε νὰ τὸν ἀκολουθήσῃ εἰς Ἀθήνας.

Ἡ Καλλιόπη Τζώρτζη, διατηροῦσα οἶκον ἀνοχῆς εἰς τὰς Ἀθήνας, ὁ ὁποῖος ἐδέχθη τὴν νεάνιδα

Ἡ Μανούσου ἔγραψεν ἐπιστολὴν πρὸς τοὺς γονεῖς της: «Σῶστε με, θὰ μὲ πουλήσουν». Ὁ πατήρ της ἔσπευσεν εἰς Ἀθήνας καὶ κατήγγειλε τὴν ὑπόθεσιν.

Ἐκεῖ ἐκρατεῖτο εἰς μυστικὸν οἶκον. Ἡ Ἀστυνομία ἐπέδραμε καὶ ἀπηλευθέρωσε τὴν νεάνιδα, συλλαβοῦσα τοὺς ὑπευθύνους.

Ἡ Βασιλικὴ Μανούσου, 20 ἐτῶν, τραγουδίστρια, ἐγνώρισε τὸν Στέφ. Σουκλαμᾶν, ὁ ὁποῖος ἐνεφανίζετο ὡς ἰδιοκτήτης μεταλλείων καὶ τὴν ἔπεισε νὰ τὸν ἀκολουθήσῃ εἰς Ἀθήνας.

Κατόπιν τούτου ἡ κ. Τσιλκίδου ἀπηύθυνε διὰ τῆς ἀστυνομίας ἐπιστολὴν καὶ ἐζήτησε νὰ πληροφορηθῇ ποῦ εὑρίσκεται ἡ θυγάτηρ της.

Η ΠΕΡΙΠΕΤΕΙΑ ΤΗΣ ΜΑΝΟΥΣΟΥ

Ἡ Βασιλικὴ Μανούσου, 20 ἐτῶν, τραγουδίστρια, ἐγνώρισε τὸν Στέφ. Σουκλαμᾶν, ὁ ὁποῖος ἐνεφανίζετο ὡς ἰδιοκτήτης μεταλλείων καὶ τὴν ἔπεισε νὰ τὸν ἀκολουθήσῃ εἰς Ἀθήνας.

Ἡ Τριανταφυλλιά Μπαρμπάτσικου, διευθύντρια ἑτέρου τῶν κακοφήμων οἴκων

Ἡ Βασιλικὴ Μανούσου, 20 ἐτῶν, τραγουδίστρια, ἐγνώρισε τὸν Στέφ. Σουκλαμᾶν, ὁ ὁποῖος ἐνεφανίζετο ὡς ἰδιοκτήτης μεταλλείων καὶ τὴν ἔπεισε νὰ τὸν ἀκολουθήσῃ εἰς Ἀθήνας.

Κατόπιν τούτου ἡ κ. Τσιλκίδου ἀπηύθυνε διὰ τῆς ἀστυνομίας ἐπιστολὴν καὶ ἐζήτησε νὰ πληροφορηθῇ ποῦ εὑρίσκεται ἡ θυγάτηρ της.

«ΣΩΣΤΕ ΜΕ, ΘΑ ΜΕ ΠΟΥΛΗΣΟΥΝ»

Ἡ Μανούσου ἔγραψεν ἐπιστολὴν πρὸς τοὺς γονεῖς της: «Σῶστε με, θὰ μὲ πουλήσουν». Ὁ πατήρ της ἔσπευσεν εἰς Ἀθήνας καὶ κατήγγειλε τὴν ὑπόθεσιν.

Ἡ Μανούσου ἔγραψεν ἐπιστολὴν πρὸς τοὺς γονεῖς της: «Σῶστε με, θὰ μὲ πουλήσουν». Ὁ πατήρ της ἔσπευσεν εἰς Ἀθήνας καὶ κατήγγειλε τὴν ὑπόθεσιν.

Ἡ Βασιλικὴ Μανούσου, 20 ἐτῶν, τραγουδίστρια, ἐγνώρισε τὸν Στέφ. Σουκλαμᾶν, ὁ ὁποῖος ἐνεφανίζετο ὡς ἰδιοκτήτης μεταλλείων καὶ τὴν ἔπεισε νὰ τὸν ἀκολουθήσῃ εἰς Ἀθήνας.

ΕΙΣ ΜΥΣΤΙΚΟΝ ΟΙΚΟΝ

Ἐκεῖ ἐκρατεῖτο εἰς μυστικὸν οἶκον. Ἡ Ἀστυνομία ἐπέδραμε καὶ ἀπηλευθέρωσε τὴν νεάνιδα, συλλαβοῦσα τοὺς ὑπευθύνους.

Ἐκεῖ ἐκρατεῖτο εἰς μυστικὸν οἶκον. Ἡ Ἀστυνομία ἐπέδραμε καὶ ἀπηλευθέρωσε τὴν νεάνιδα, συλλαβοῦσα τοὺς ὑπευθύνους.

Ἡ Μανούσου ἔγραψεν ἐπιστολὴν πρὸς τοὺς γονεῖς της: «Σῶστε με, θὰ μὲ πουλήσουν». Ὁ πατήρ της ἔσπευσεν εἰς Ἀθήνας καὶ κατήγγειλε τὴν ὑπόθεσιν.

Κατόπιν τούτου ἡ κ. Τσιλκίδου ἀπηύθυνε διὰ τῆς ἀστυνομίας ἐπιστολὴν καὶ ἐζήτησε νὰ πληροφορηθῇ ποῦ εὑρίσκεται ἡ θυγάτηρ της.

Ἡ Βασιλικὴ Μανούσου, 20 ἐτῶν, τραγουδίστρια, ἐγνώρισε τὸν Στέφ. Σουκλαμᾶν, ὁ ὁποῖος ἐνεφανίζετο ὡς ἰδιοκτήτης μεταλλείων καὶ τὴν ἔπεισε νὰ τὸν ἀκολουθήσῃ εἰς Ἀθήνας.

Ο ΠΑΤΡΙΑΡΧΗΣ ΙΕΡΟΥΣΑΛΗΜ ΒΕΝΕΔΙΚΤΟΣ ΕΧΟΡΟΣΤΑΤΗΣΕ ΤΗΝ ΚΥΡΙΑΚΗΝ ΕΙΣ ΤΟΝ ΠΑΤΡΙΑΡΧΙΚΟΝ ΝΑΟΝ ΦΑΝΑΡΙΟΥ

ΚΩΝΣΤΑΝΤΙΝΟΥΠΟΛΙΣ, 26. (Ἀνταποκρίσεως). — Ὁ Πατριάρχης Ἱεροσολύμων κ. Βενέδικτος, ὁ ὁποῖος εὑρίσκεται εἰς τὴν Πόλιν, ἐχοροστάτησε τὴν Κυριακὴν εἰς τὸν Πατριαρχικὸν Ναὸν τοῦ Φαναρίου, παρουσίᾳ πλήθους πιστῶν. Μετὰ τὴν λειτουργίαν ἐγένετο δεξίωσις.

ΚΩΝΣΤΑΝΤΙΝΟΥΠΟΛΙΣ, 26. (Ἀνταποκρίσεως). — Ὁ Πατριάρχης Ἱεροσολύμων κ. Βενέδικτος, ὁ ὁποῖος εὑρίσκεται εἰς τὴν Πόλιν, ἐχοροστάτησε τὴν Κυριακὴν εἰς τὸν Πατριαρχικὸν Ναὸν τοῦ Φαναρίου, παρουσίᾳ πλήθους πιστῶν. Μετὰ τὴν λειτουργίαν ἐγένετο δεξίωσις.

ΚΩΝΣΤΑΝΤΙΝΟΥΠΟΛΙΣ, 26. (Ἀνταποκρίσεως). — Ὁ Πατριάρχης Ἱεροσολύμων κ. Βενέδικτος, ὁ ὁποῖος εὑρίσκεται εἰς τὴν Πόλιν, ἐχοροστάτησε τὴν Κυριακὴν εἰς τὸν Πατριαρχικὸν Ναὸν τοῦ Φαναρίου, παρουσίᾳ πλήθους πιστῶν. Μετὰ τὴν λειτουργίαν ἐγένετο δεξίωσις.

ΚΩΝΣΤΑΝΤΙΝΟΥΠΟΛΙΣ, 26. (Ἀνταποκρίσεως). — Ὁ Πατριάρχης Ἱεροσολύμων κ. Βενέδικτος, ὁ ὁποῖος εὑρίσκεται εἰς τὴν Πόλιν, ἐχοροστάτησε τὴν Κυριακὴν εἰς τὸν Πατριαρχικὸν Ναὸν τοῦ Φαναρίου, παρουσίᾳ πλήθους πιστῶν. Μετὰ τὴν λειτουργίαν ἐγένετο δεξίωσις.

ΚΩΝΣΤΑΝΤΙΝΟΥΠΟΛΙΣ, 26. (Ἀνταποκρίσεως). — Ὁ Πατριάρχης Ἱεροσολύμων κ. Βενέδικτος, ὁ ὁποῖος εὑρίσκεται εἰς τὴν Πόλιν, ἐχοροστάτησε τὴν Κυριακὴν εἰς τὸν Πατριαρχικὸν Ναὸν τοῦ Φαναρίου, παρουσίᾳ πλήθους πιστῶν. Μετὰ τὴν λειτουργίαν ἐγένετο δεξίωσις.

ΚΩΝΣΤΑΝΤΙΝΟΥΠΟΛΙΣ, 26. (Ἀνταποκρίσεως). — Ὁ Πατριάρχης Ἱεροσολύμων κ. Βενέδικτος, ὁ ὁποῖος εὑρίσκεται εἰς τὴν Πόλιν, ἐχοροστάτησε τὴν Κυριακὴν εἰς τὸν Πατριαρχικὸν Ναὸν τοῦ Φαναρίου, παρουσίᾳ πλήθους πιστῶν. Μετὰ τὴν λειτουργίαν ἐγένετο δεξίωσις.

ΚΩΝΣΤΑΝΤΙΝΟΥΠΟΛΙΣ, 26. (Ἀνταποκρίσεως). — Ὁ Πατριάρχης Ἱεροσολύμων κ. Βενέδικτος, ὁ ὁποῖος εὑρίσκεται εἰς τὴν Πόλιν, ἐχοροστάτησε τὴν Κυριακὴν εἰς τὸν Πατριαρχικὸν Ναὸν τοῦ Φαναρίου, παρουσίᾳ πλήθους πιστῶν. Μετὰ τὴν λειτουργίαν ἐγένετο δεξίωσις.

ΚΩΝΣΤΑΝΤΙΝΟΥΠΟΛΙΣ, 26. (Ἀνταποκρίσεως). — Ὁ Πατριάρχης Ἱεροσολύμων κ. Βενέδικτος, ὁ ὁποῖος εὑρίσκεται εἰς τὴν Πόλιν, ἐχοροστάτησε τὴν Κυριακὴν εἰς τὸν Πατριαρχικὸν Ναὸν τοῦ Φαναρίου, παρουσίᾳ πλήθους πιστῶν. Μετὰ τὴν λειτουργίαν ἐγένετο δεξίωσις.

ΚΩΝΣΤΑΝΤΙΝΟΥΠΟΛΙΣ, 26. (Ἀνταποκρίσεως). — Ὁ Πατριάρχης Ἱεροσολύμων κ. Βενέδικτος, ὁ ὁποῖος εὑρίσκεται εἰς τὴν Πόλιν, ἐχοροστάτησε τὴν Κυριακὴν εἰς τὸν Πατριαρχικὸν Ναὸν τοῦ Φαναρίου, παρουσίᾳ πλήθους πιστῶν. Μετὰ τὴν λειτουργίαν ἐγένετο δεξίωσις.

Η ΙΕΡΑΡΧΙΑ ΕΚΦΡΑΖΕΙ ΚΑΤΑ ΤΗΣ ΤΡΟΠΟΠΟΙΗΣΕΩΣ ΤΩΝ ΙΣΧΥΟΝΤΩΝ ΣΗΜΕΡΟΝ ΠΕΡΙ ΔΙΑΖΥΓΙΟΥ

ΑΘΗΝΑΙ, 26.— Ὑπὸ τῆς Ἱερᾶς Συνόδου ἐξεδόθη ἀνακοίνωσις, διὰ τῆς ὁποίας ἡ Ἱεραρχία ἐκφράζεται κατὰ πάσης τροποποιήσεως τῶν ἰσχυουσῶν διατάξεων περὶ διαζυγίου.

ΑΘΗΝΑΙ, 26.— Ὑπὸ τῆς Ἱερᾶς Συνόδου ἐξεδόθη ἀνακοίνωσις, διὰ τῆς ὁποίας ἡ Ἱεραρχία ἐκφράζεται κατὰ πάσης τροποποιήσεως τῶν ἰσχυουσῶν διατάξεων περὶ διαζυγίου.

ΟΙ ΚΕΡΔΙΖΟΝΤΕΣ ΑΡΙΘΜΟΙ ΤΩΝ ΟΜΟΛΟΓΙΩΝ ΤΟΥ ΕΘΝΙΚΟΥ ΔΑΝΕΙΟΥ

ΑΘΗΝΑΙ, 26.— Κατὰ τὴν σημερινὴν κλήρωσιν ἐκέρδισαν οἱ κάτωθι ἀριθμοί:

6481 38526 72506 117125 119116 23772 173845 115280 110017 132722 129902 163535 139842 172593 164253 160552 177585 226887 229035 239766 253254 272525 273576 270257 212136 218160 238587 330775 238783
1.966.000 ΑΤΟΜΑ ΕΝΕΒΟΛΙΑΣΘΗΣΑΝ ΚΑΤΑ ΤΗΣ ΦΥΜΑΤΙΩΣΕΩΣ

ΑΘΗΝΑΙ, 26.— Ἐκ τοῦ ὑπουργείου Κοινωνικῆς Προνοίας ἀνεκοινώθη ὅτι μέχρι σήμερον ἐνεβολιάσθησαν 1.966.112 ἄτομα εἰς ὅλην τὴν χώραν.

Ο ΔΙΑΔΟΧΟΣ ΕΙΣ ΤΗΝ ΕΔΡΑΝ ΤΩΝ ΠΡΟΣΚΟΠΩΝ

Ὑπὸ τοῦ Σώματος Ἑλλήνων Προσκόπων ἀνακοινοῦται ὅτι ὁ Διάδοχος θὰ ἐπισκεφθῇ τὴν ἕδραν τῶν Προσκόπων τὴν προσεχῆ ἑβδομάδα.

Ὑπὸ τοῦ Σώματος Ἑλλήνων Προσκόπων ἀνακοινοῦται ὅτι ὁ Διάδοχος θὰ ἐπισκεφθῇ τὴν ἕδραν τῶν Προσκόπων τὴν προσεχῆ ἑβδομάδα.

ΓΕΩΡΓΟΚΤΗΝΟΤΡΟΦΙΚΗ ΕΚΘΕΣΙΣ ΕΙΣ ΤΗΝ ΧΡΥΣΟΥΠΟΛΙΝ

ΧΡΥΣΟΥΠΟΛΙΣ, 26.— Ἐγένοντο τὰ ἐγκαίνια τῆς γεωργοκτηνοτροφικῆς ἐκθέσεως.

ΤΗΝ ΠΕΜΠΤΗΝ Ο ΒΑΣΙΛΕΥΣ ΘΑ ΜΕΤΑΒΗ ΕΙΣ ΑΘΗΝΑΣ

ΑΘΗΝΑΙ, 26.— Ὁ Βασιλεὺς θὰ ἐπανέλθῃ εἰς Ἀθήνας τὴν Πέμπτην.

ΑΘΗΝΑΙ, 26.— Ὁ Βασιλεὺς θὰ ἐπανέλθῃ εἰς Ἀθήνας τὴν Πέμπτην.

279,50 ΔΡΑΧ. Η ΧΡΥΣΗ ΛΙΡΑ ΕΙΣ ΤΑΣ ΑΘΗΝΑΣ

ΑΘΗΝΑΙ, 26.— Ἡ χρυσῆ λίρα ἐκλείσε σήμερον εἰς 279,50 δραχμάς.

ΕΚΛΟΓΟΠΟΙΗΣΙΣ ΕΙΣ ΤΟΝ ΑΝΤΙΚΡΥΣΜΑ ΤΟΥ Ε.Ι.Ρ.

ΜΥΤΙΛΗΝΗ, 26.— Ἐπέστρεψεν ἐκ Γερμανίας ὁ γνωστὸς ἐκλογολόγος.

ΜΥΤΙΛΗΝΗ, 26.— Ἐπέστρεψεν ἐκ Γερμανίας ὁ γνωστὸς ἐκλογολόγος.

ΟΙ ΦΑΡΜΑΚΟΠΟΙΟΙ ΘΑ ΑΠΕΡΓΗΣΟΥΝ

ΑΘΗΝΑΙ, 26.— Ἀπεφασίσθη ἡ ἀπεργία τῶν φαρμακοποιῶν διὰ τὴν προσεχῆ Δευτέραν.

Η ΕΞΑΓΩΓΗ ΛΕΜΟΝΙΩΝ

ΚΟΡΙΝΘΟΣ, 26.— Αἱ ἐξαγωγαὶ λεμονίων σημειώνουν αὔξησιν κατὰ τὸ τρέχον ἔτος.

ΝΕΑΙ ΥΠΟΤΡΟΦΙΑΙ

Τὸ Ἵδρυμα Κρατικῶν Ὑποτροφιῶν προκηρύσσει διαγωνισμὸν διὰ τὴν χορήγησιν ὑποτροφιῶν εἰς ἀριστούχους φοιτητάς.

Τὸ Ἵδρυμα Κρατικῶν Ὑποτροφιῶν προκηρύσσει διαγωνισμὸν διὰ τὴν χορήγησιν ὑποτροφιῶν εἰς ἀριστούχους φοιτητάς.

Η ΤΙΜΗ ΤΩΝ ΛΙΠΑΣΜΑΤΩΝ

ΑΘΗΝΑΙ, 26.— Διὰ κοινῆς ἀποφάσεως καθωρίσθη ἡ τιμὴ τῶν λιπασμάτων διὰ τὴν νέαν καλλιεργητικὴν περίοδον.

ΑΘΗΝΑΙ, 26.— Διὰ κοινῆς ἀποφάσεως καθωρίσθη ἡ τιμὴ τῶν λιπασμάτων διὰ τὴν νέαν καλλιεργητικὴν περίοδον.

ΓΑΛΛΙΚΟΝ ΒΡΑΒΕΙΟΝ ΕΙΣ ΕΛΛΗΝΑ ΕΠΙΣΤΗΜΟΝΑ
ΓΕΝΙΚΗ ΕΡΕΥΝΑ

Ἡ Γαλλικὴ Ἀκαδημία ἀπένειμε τὸ βραβεῖον εἰς Ἕλληνα ἐπιστήμονα διὰ τὰς ἐρεύνας του ἐπὶ τῆς χημείας. Τὸ βραβεῖον ἐπιδόθη εἰς εἰδικὴν τελετήν.

Ἡ Γαλλικὴ Ἀκαδημία ἀπένειμε τὸ βραβεῖον εἰς Ἕλληνα ἐπιστήμονα διὰ τὰς ἐρεύνας του ἐπὶ τῆς χημείας. Τὸ βραβεῖον ἐπιδόθη εἰς εἰδικὴν τελετήν.

Ἡ Γαλλικὴ Ἀκαδημία ἀπένειμε τὸ βραβεῖον εἰς Ἕλληνα ἐπιστήμονα διὰ τὰς ἐρεύνας του ἐπὶ τῆς χημείας. Τὸ βραβεῖον ἐπιδόθη εἰς εἰδικὴν τελετήν.
